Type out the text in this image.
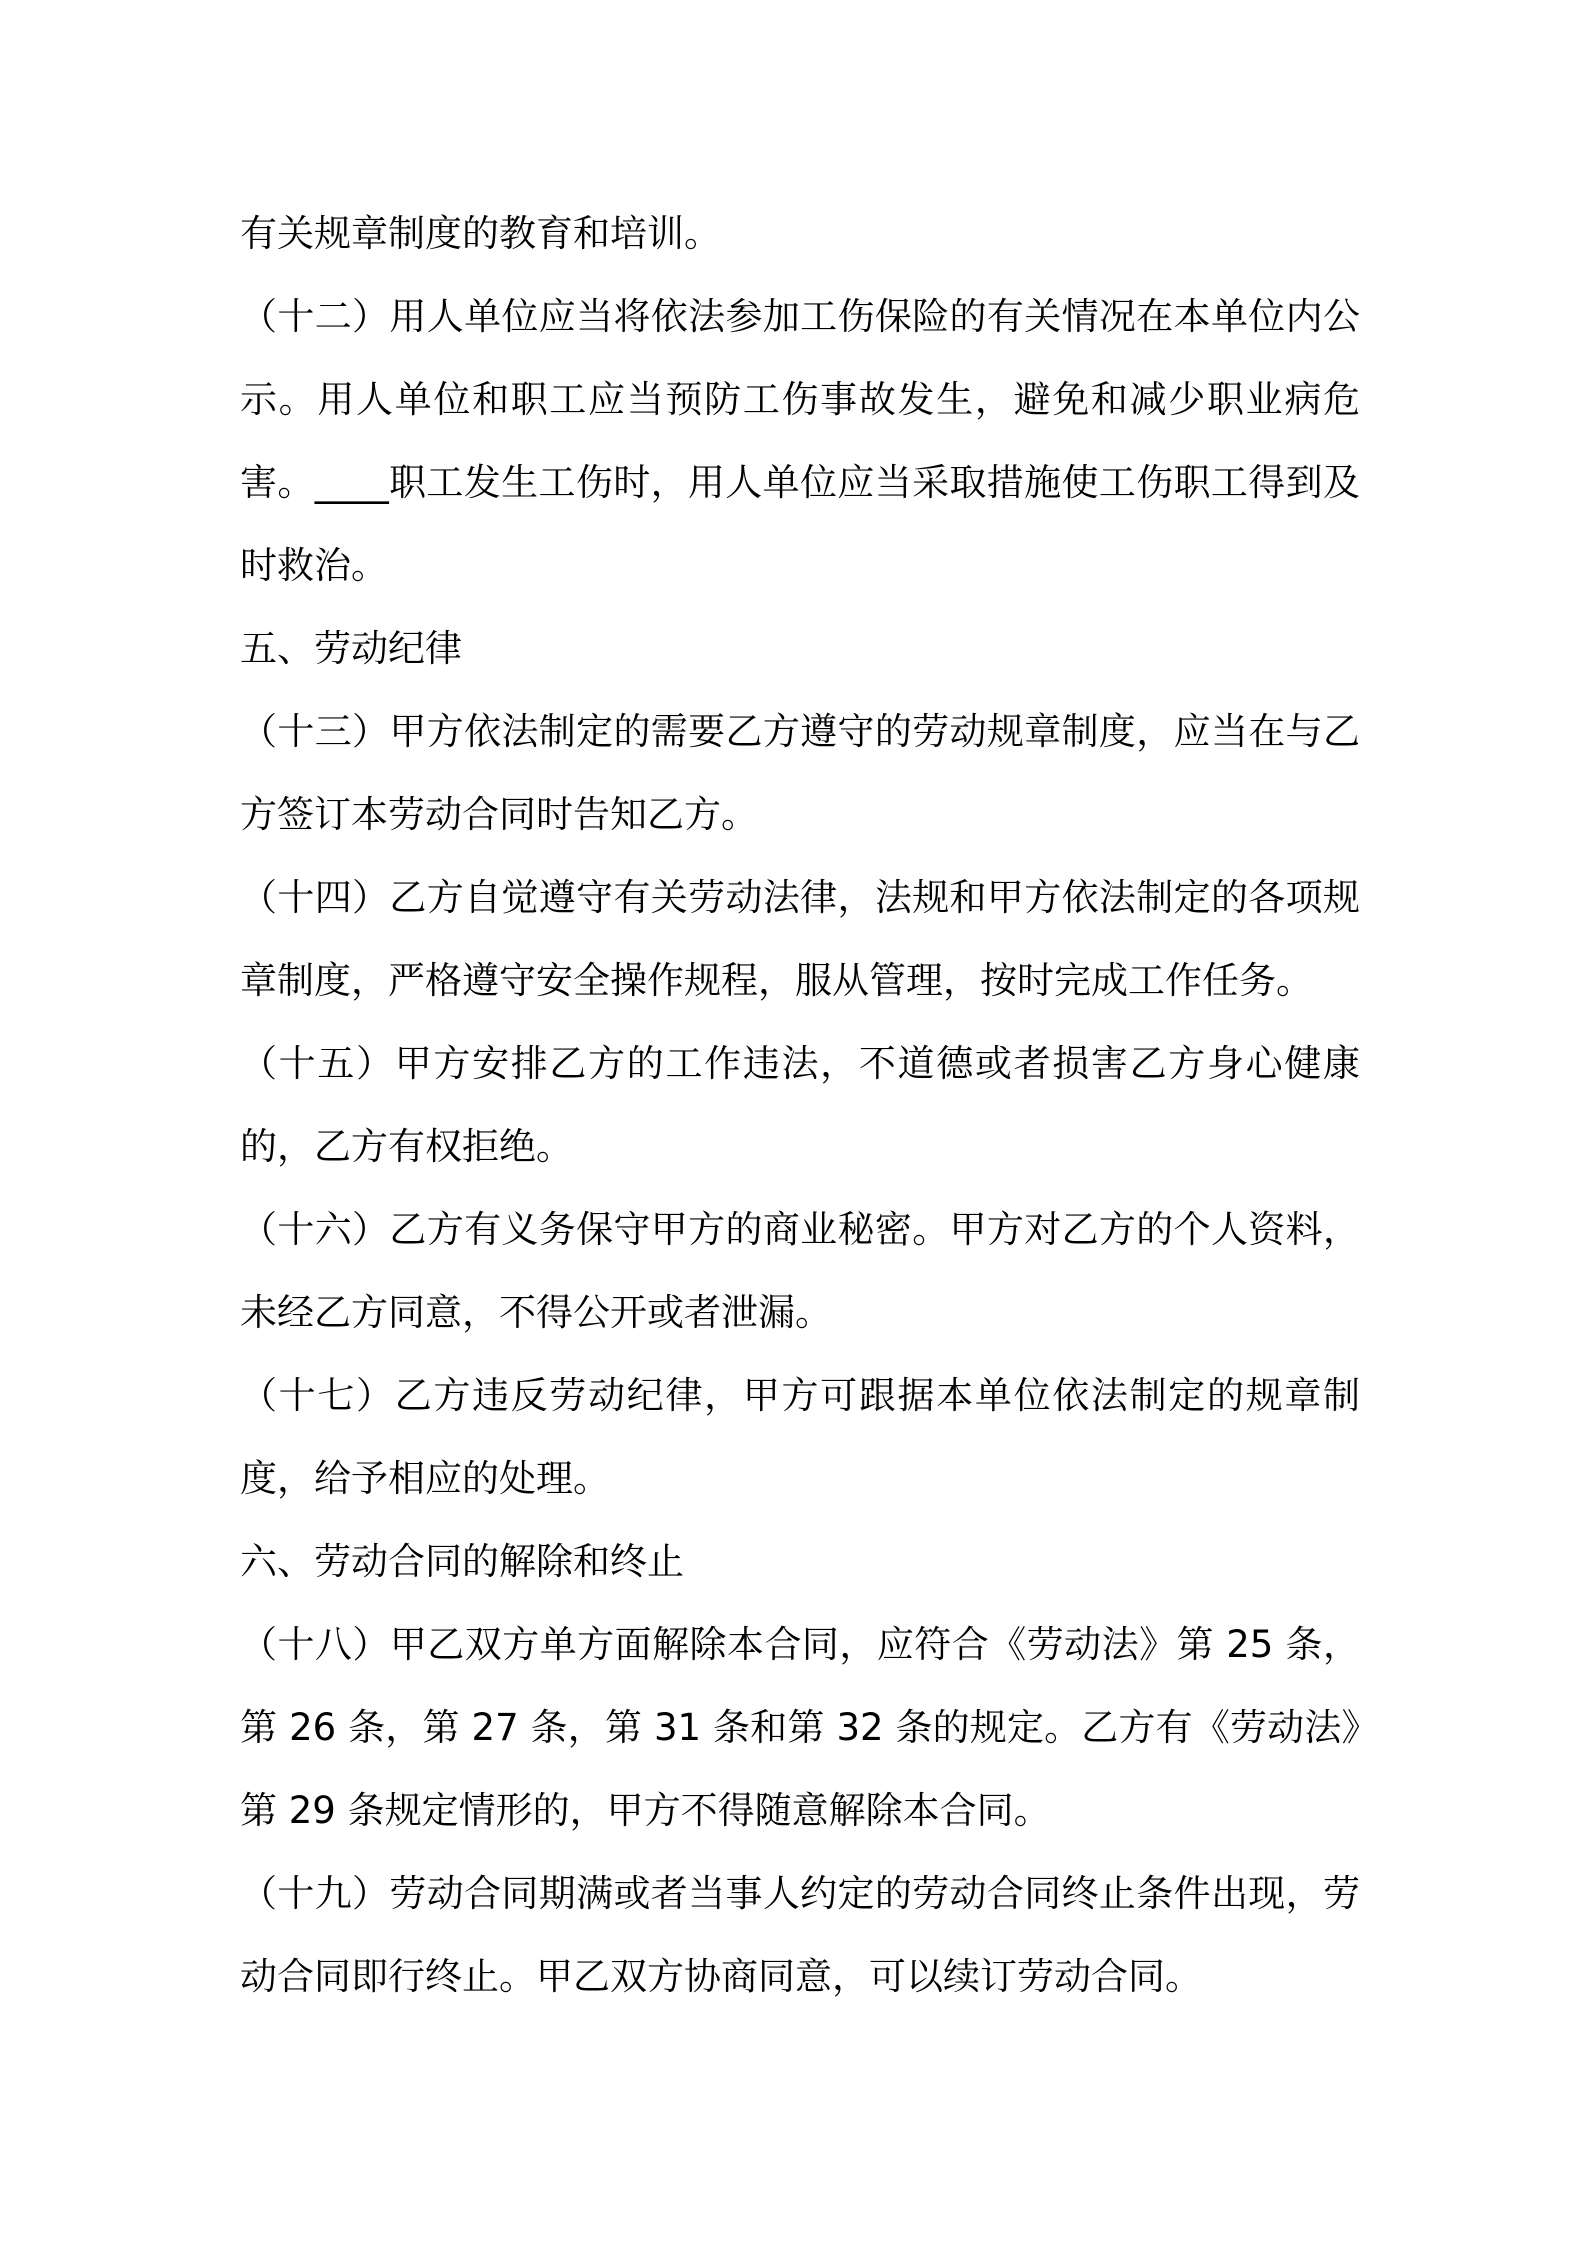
有关规章制度的教育和培训。

（十二）用人单位应当将依法参加工伤保险的有关情况在本单位内公示。用人单位和职工应当预防工伤事故发生，避免和减少职业病危害。____职工发生工伤时，用人单位应当采取措施使工伤职工得到及时救治。

五、劳动纪律

（十三）甲方依法制定的需要乙方遵守的劳动规章制度，应当在与乙方签订本劳动合同时告知乙方。

（十四）乙方自觉遵守有关劳动法律，法规和甲方依法制定的各项规章制度，严格遵守安全操作规程，服从管理，按时完成工作任务。

（十五）甲方安排乙方的工作违法，不道德或者损害乙方身心健康的，乙方有权拒绝。

（十六）乙方有义务保守甲方的商业秘密。甲方对乙方的个人资料，未经乙方同意，不得公开或者泄漏。

（十七）乙方违反劳动纪律，甲方可跟据本单位依法制定的规章制度，给予相应的处理。

六、劳动合同的解除和终止

（十八）甲乙双方单方面解除本合同，应符合《劳动法》第 25 条，第 26 条，第 27 条，第 31 条和第 32 条的规定。乙方有《劳动法》第 29 条规定情形的，甲方不得随意解除本合同。

（十九）劳动合同期满或者当事人约定的劳动合同终止条件出现，劳动合同即行终止。甲乙双方协商同意，可以续订劳动合同。
